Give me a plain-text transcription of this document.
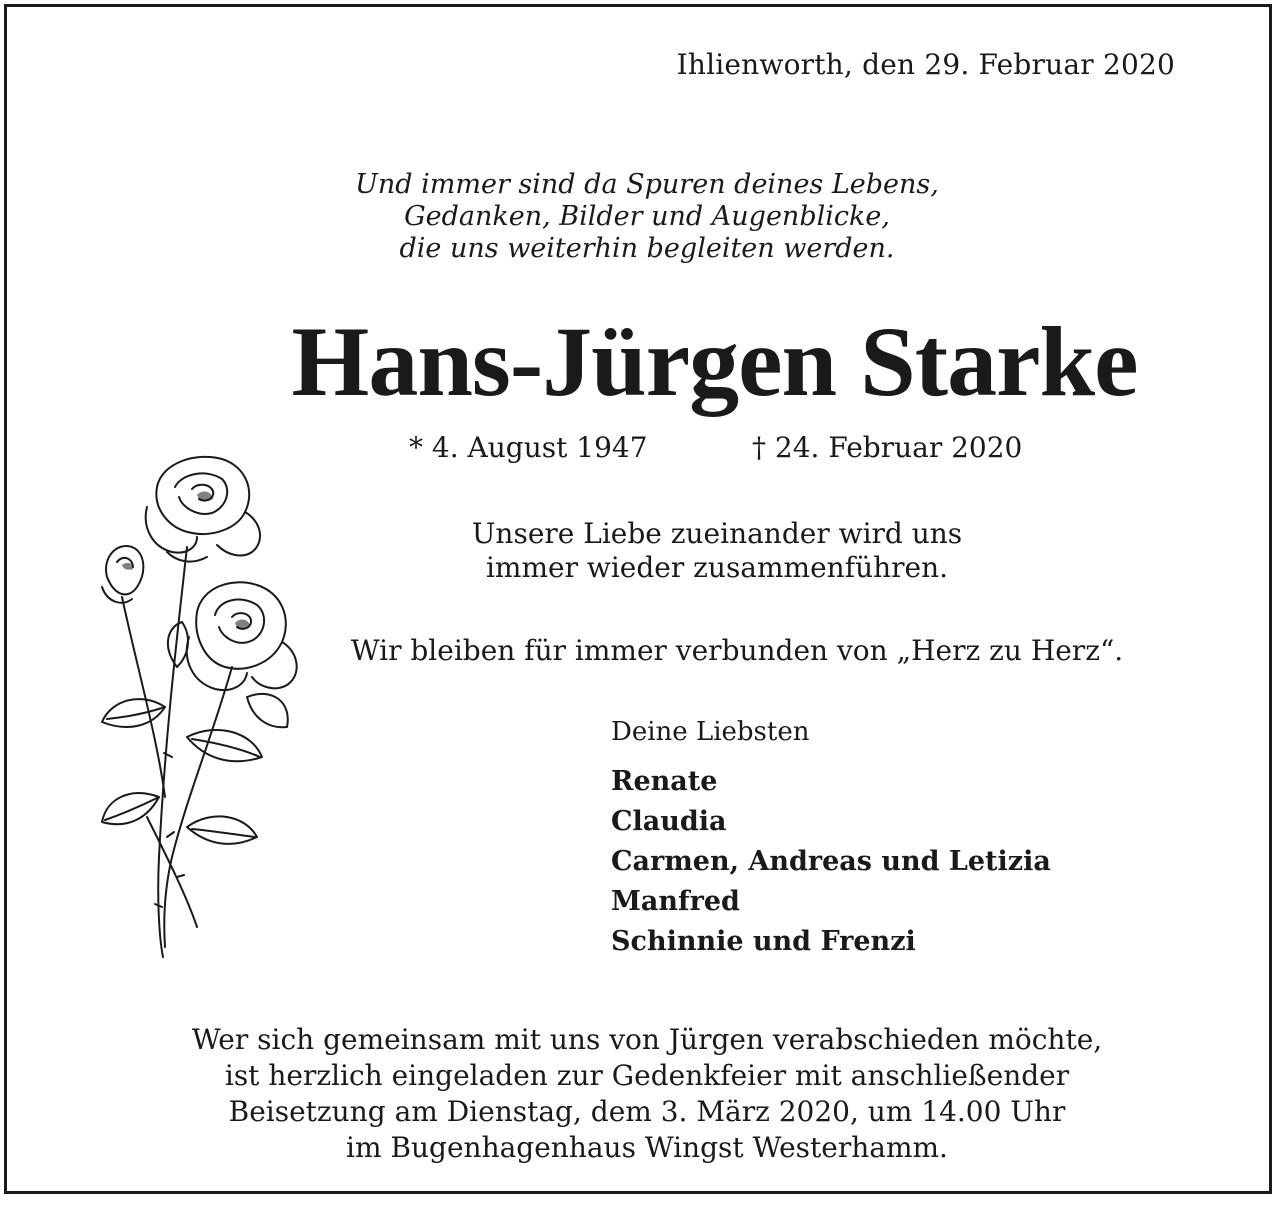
Ihlienworth, den 29. Februar 2020
Und immer sind da Spuren deines Lebens,
Gedanken, Bilder und Augenblicke,
die uns weiterhin begleiten werden.
Hans-Jürgen Starke
* 4. August 1947	† 24. Februar 2020
Unsere Liebe zueinander wird uns
immer wieder zusammenführen.
Wir bleiben für immer verbunden von „Herz zu Herz“.
Deine Liebsten
Renate
Claudia
Carmen, Andreas und Letizia
Manfred
Schinnie und Frenzi
Wer sich gemeinsam mit uns von Jürgen verabschieden möchte,
ist herzlich eingeladen zur Gedenkfeier mit anschließender
Beisetzung am Dienstag, dem 3. März 2020, um 14.00 Uhr
im Bugenhagenhaus Wingst Westerhamm.
